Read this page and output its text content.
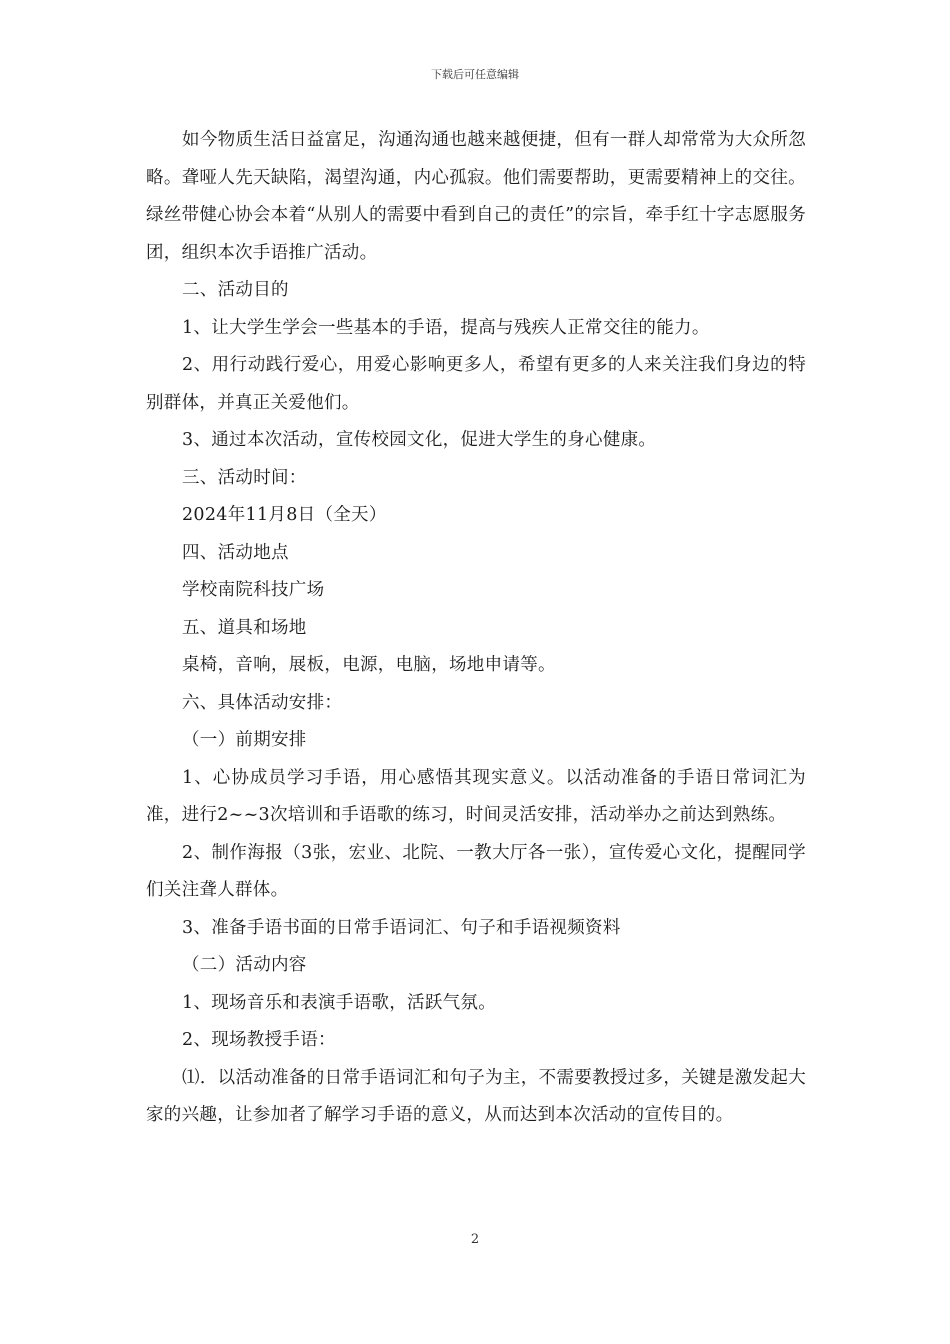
下载后可任意编辑

如今物质生活日益富足，沟通沟通也越来越便捷，但有一群人却常常为大众所忽略。聋哑人先天缺陷，渴望沟通，内心孤寂。他们需要帮助，更需要精神上的交往。绿丝带健心协会本着“从别人的需要中看到自己的责任”的宗旨，牵手红十字志愿服务团，组织本次手语推广活动。

二、活动目的

1、让大学生学会一些基本的手语，提高与残疾人正常交往的能力。

2、用行动践行爱心，用爱心影响更多人，希望有更多的人来关注我们身边的特别群体，并真正关爱他们。

3、通过本次活动，宣传校园文化，促进大学生的身心健康。

三、活动时间：

2024年11月8日（全天）

四、活动地点

学校南院科技广场

五、道具和场地

桌椅，音响，展板，电源，电脑，场地申请等。

六、具体活动安排：

（一）前期安排

1、心协成员学习手语，用心感悟其现实意义。以活动准备的手语日常词汇为准，进行2~~3次培训和手语歌的练习，时间灵活安排，活动举办之前达到熟练。

2、制作海报（3张，宏业、北院、一教大厅各一张），宣传爱心文化，提醒同学们关注聋人群体。

3、准备手语书面的日常手语词汇、句子和手语视频资料

（二）活动内容

1、现场音乐和表演手语歌，活跃气氛。

2、现场教授手语：

⑴．以活动准备的日常手语词汇和句子为主，不需要教授过多，关键是激发起大家的兴趣，让参加者了解学习手语的意义，从而达到本次活动的宣传目的。

2
